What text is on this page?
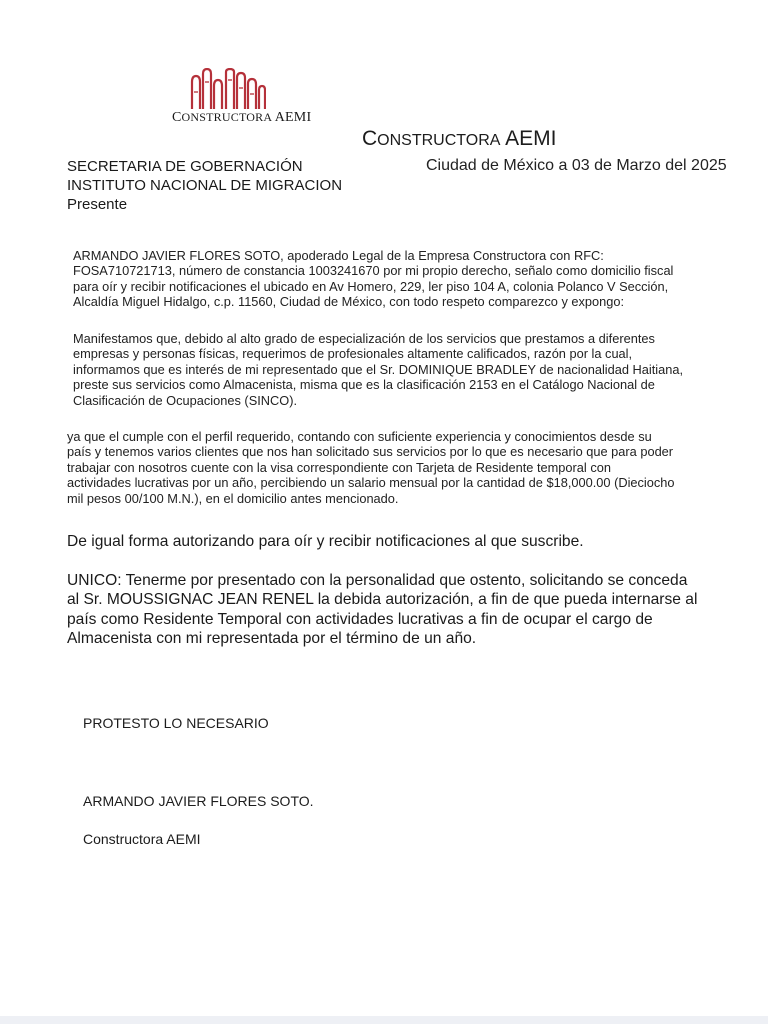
CONSTRUCTORA AEMI
CONSTRUCTORA AEMI
Ciudad de México a 03 de Marzo del 2025
SECRETARIA DE GOBERNACIÓN
INSTITUTO NACIONAL DE MIGRACION
Presente
ARMANDO JAVIER FLORES SOTO, apoderado Legal de la Empresa Constructora con RFC:
FOSA710721713, número de constancia 1003241670 por mi propio derecho, señalo como domicilio fiscal
para oír y recibir notificaciones el ubicado en Av Homero, 229, ler piso 104 A, colonia Polanco V Sección,
Alcaldía Miguel Hidalgo, c.p. 11560, Ciudad de México, con todo respeto comparezco y expongo:
Manifestamos que, debido al alto grado de especialización de los servicios que prestamos a diferentes
empresas y personas físicas, requerimos de profesionales altamente calificados, razón por la cual,
informamos que es interés de mi representado que el Sr. DOMINIQUE BRADLEY de nacionalidad Haitiana,
preste sus servicios como Almacenista, misma que es la clasificación 2153 en el Catálogo Nacional de
Clasificación de Ocupaciones (SINCO).
ya que el cumple con el perfil requerido, contando con suficiente experiencia y conocimientos desde su
país y tenemos varios clientes que nos han solicitado sus servicios por lo que es necesario que para poder
trabajar con nosotros cuente con la visa correspondiente con Tarjeta de Residente temporal con
actividades lucrativas por un año, percibiendo un salario mensual por la cantidad de $18,000.00 (Dieciocho
mil pesos 00/100 M.N.), en el domicilio antes mencionado.
De igual forma autorizando para oír y recibir notificaciones al que suscribe.
UNICO: Tenerme por presentado con la personalidad que ostento, solicitando se conceda
al Sr. MOUSSIGNAC JEAN RENEL la debida autorización, a fin de que pueda internarse al
país como Residente Temporal con actividades lucrativas a fin de ocupar el cargo de
Almacenista con mi representada por el término de un año.
PROTESTO LO NECESARIO
ARMANDO JAVIER FLORES SOTO.
Constructora AEMI
